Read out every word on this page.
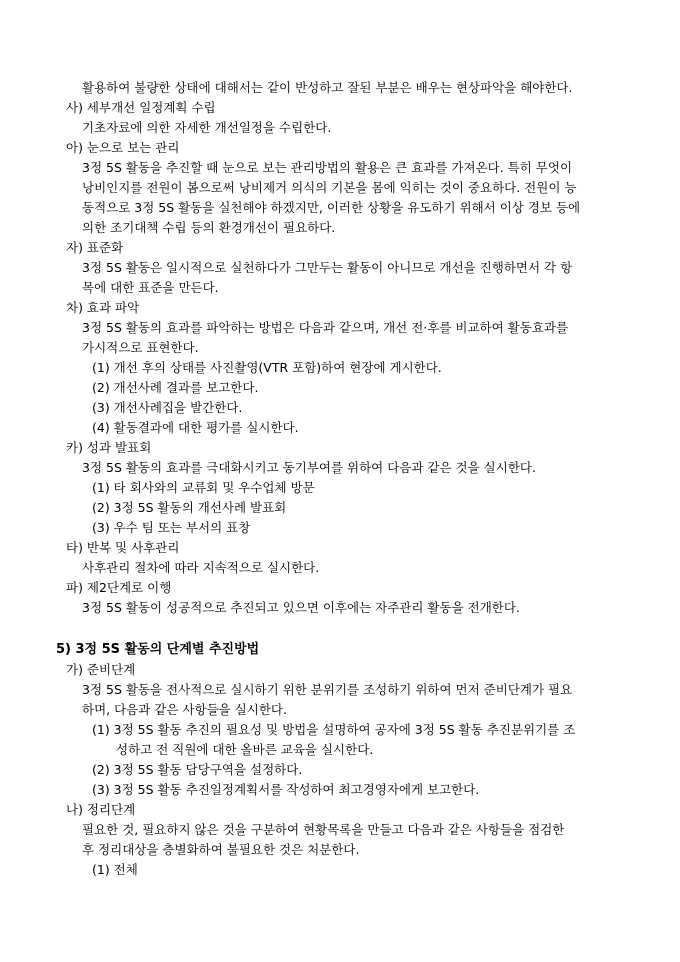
활용하여 불량한 상태에 대해서는 같이 반성하고 잘된 부분은 배우는 현상파악을 해야한다.
사) 세부개선 일정계획 수립
기초자료에 의한 자세한 개선일정을 수립한다.
아) 눈으로 보는 관리
3정 5S 활동을 추진할 때 눈으로 보는 관리방법의 활용은 큰 효과를 가져온다. 특히 무엇이
낭비인지를 전원이 봄으로써 낭비제거 의식의 기본을 몸에 익히는 것이 중요하다. 전원이 능
동적으로 3정 5S 활동을 실천해야 하겠지만, 이러한 상황을 유도하기 위해서 이상 경보 등에
의한 조기대책 수립 등의 환경개선이 필요하다.
자) 표준화
3정 5S 활동은 일시적으로 실천하다가 그만두는 활동이 아니므로 개선을 진행하면서 각 항
목에 대한 표준을 만든다.
차) 효과 파악
3정 5S 활동의 효과를 파악하는 방법은 다음과 같으며, 개선 전·후를 비교하여 활동효과를
가시적으로 표현한다.
(1) 개선 후의 상태를 사진촬영(VTR 포함)하여 현장에 게시한다.
(2) 개선사례 결과를 보고한다.
(3) 개선사례집을 발간한다.
(4) 활동결과에 대한 평가를 실시한다.
카) 성과 발표회
3정 5S 활동의 효과를 극대화시키고 동기부여를 위하여 다음과 같은 것을 실시한다.
(1) 타 회사와의 교류회 및 우수업체 방문
(2) 3정 5S 활동의 개선사례 발표회
(3) 우수 팀 또는 부서의 표창
타) 반복 및 사후관리
사후관리 절차에 따라 지속적으로 실시한다.
파) 제2단계로 이행
3정 5S 활동이 성공적으로 추진되고 있으면 이후에는 자주관리 활동을 전개한다.
5) 3정 5S 활동의 단계별 추진방법
가) 준비단계
3정 5S 활동을 전사적으로 실시하기 위한 분위기를 조성하기 위하여 먼저 준비단계가 필요
하며, 다음과 같은 사항들을 실시한다.
(1) 3정 5S 활동 추진의 필요성 및 방법을 설명하여 공자에 3정 5S 활동 추진분위기를 조
성하고 전 직원에 대한 올바른 교육을 실시한다.
(2) 3정 5S 활동 담당구역을 설정하다.
(3) 3정 5S 활동 추진일정계획서를 작성하여 최고경영자에게 보고한다.
나) 정리단계
필요한 것, 필요하지 않은 것을 구분하여 현황목록을 만들고 다음과 같은 사항들을 점검한
후 정리대상을 층별화하여 불필요한 것은 처분한다.
(1) 전체
